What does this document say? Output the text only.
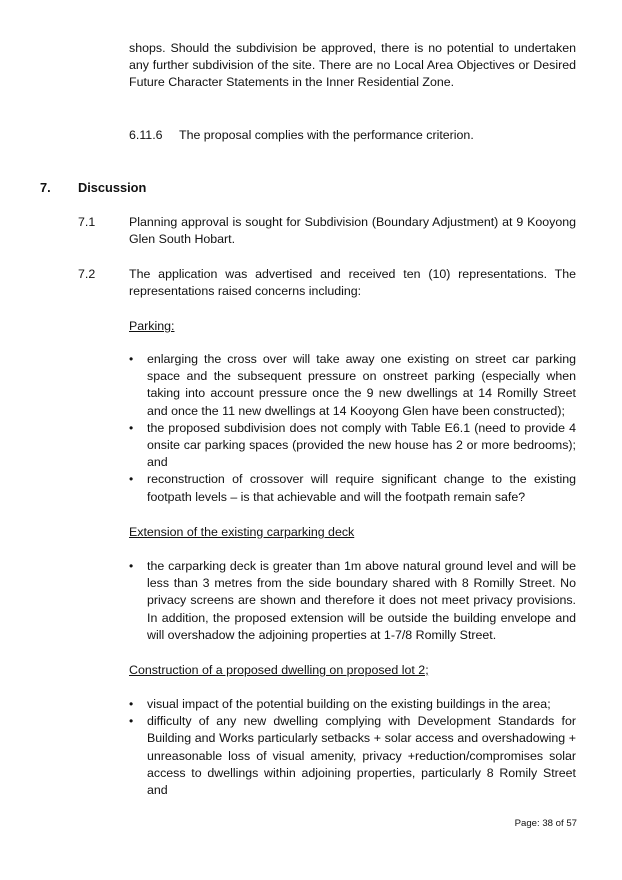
shops. Should the subdivision be approved, there is no potential to undertaken any further subdivision of the site. There are no Local Area Objectives or Desired Future Character Statements in the Inner Residential Zone.

6.11.6 The proposal complies with the performance criterion.

7. Discussion
7.1	Planning approval is sought for Subdivision (Boundary Adjustment) at 9 Kooyong Glen South Hobart.

7.2	The application was advertised and received ten (10) representations. The representations raised concerns including:

Parking:

•	enlarging the cross over will take away one existing on street car parking space and the subsequent pressure on onstreet parking (especially when taking into account pressure once the 9 new dwellings at 14 Romilly Street and once the 11 new dwellings at 14 Kooyong Glen have been constructed);
•	the proposed subdivision does not comply with Table E6.1 (need to provide 4 onsite car parking spaces (provided the new house has 2 or more bedrooms); and
•	reconstruction of crossover will require significant change to the existing footpath levels – is that achievable and will the footpath remain safe?

Extension of the existing carparking deck

•	the carparking deck is greater than 1m above natural ground level and will be less than 3 metres from the side boundary shared with 8 Romilly Street. No privacy screens are shown and therefore it does not meet privacy provisions. In addition, the proposed extension will be outside the building envelope and will overshadow the adjoining properties at 1-7/8 Romilly Street.

Construction of a proposed dwelling on proposed lot 2;

•	visual impact of the potential building on the existing buildings in the area;
•	difficulty of any new dwelling complying with Development Standards for Building and Works particularly setbacks + solar access and overshadowing + unreasonable loss of visual amenity, privacy +reduction/compromises solar access to dwellings within adjoining properties, particularly 8 Romily Street and
Page: 38 of 57
